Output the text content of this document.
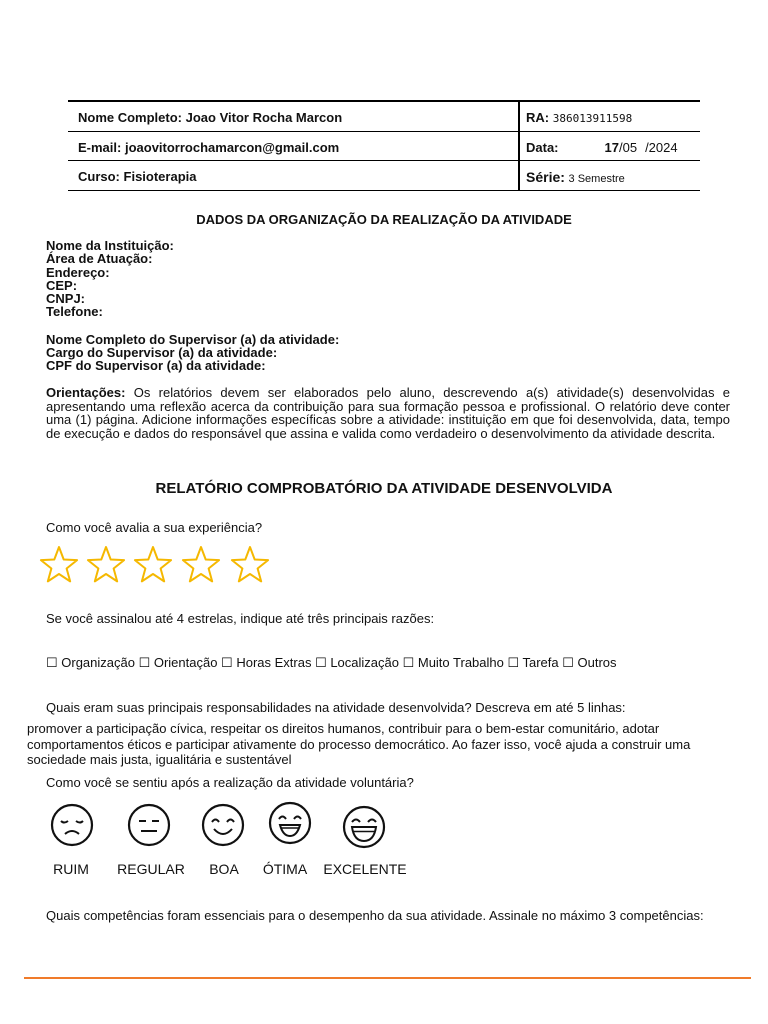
Nome Completo: Joao Vitor Rocha Marcon	RA: 386013911598
E-mail: joaovitorrochamarcon@gmail.com	Data:	17/05 /2024
Curso: Fisioterapia	Série: 3 Semestre
DADOS DA ORGANIZAÇÃO DA REALIZAÇÃO DA ATIVIDADE
Nome da Instituição:
Área de Atuação:
Endereço:
CEP:
CNPJ:
Telefone:
Nome Completo do Supervisor (a) da atividade:
Cargo do Supervisor (a) da atividade:
CPF do Supervisor (a) da atividade:
Orientações: Os relatórios devem ser elaborados pelo aluno, descrevendo a(s) atividade(s) desenvolvidas e apresentando uma reflexão acerca da contribuição para sua formação pessoa e profissional. O relatório deve conter uma (1) página. Adicione informações específicas sobre a atividade: instituição em que foi desenvolvida, data, tempo de execução e dados do responsável que assina e valida como verdadeiro o desenvolvimento da atividade descrita.
RELATÓRIO COMPROBATÓRIO DA ATIVIDADE DESENVOLVIDA
Como você avalia a sua experiência?
Se você assinalou até 4 estrelas, indique até três principais razões:
☐ Organização ☐ Orientação ☐ Horas Extras ☐ Localização ☐ Muito Trabalho ☐ Tarefa ☐ Outros
Quais eram suas principais responsabilidades na atividade desenvolvida? Descreva em até 5 linhas:
promover a participação cívica, respeitar os direitos humanos, contribuir para o bem-estar comunitário, adotar comportamentos éticos e participar ativamente do processo democrático. Ao fazer isso, você ajuda a construir uma sociedade mais justa, igualitária e sustentável
Como você se sentiu após a realização da atividade voluntária?
RUIM REGULAR BOA ÓTIMA EXCELENTE
Quais competências foram essenciais para o desempenho da sua atividade. Assinale no máximo 3 competências:
